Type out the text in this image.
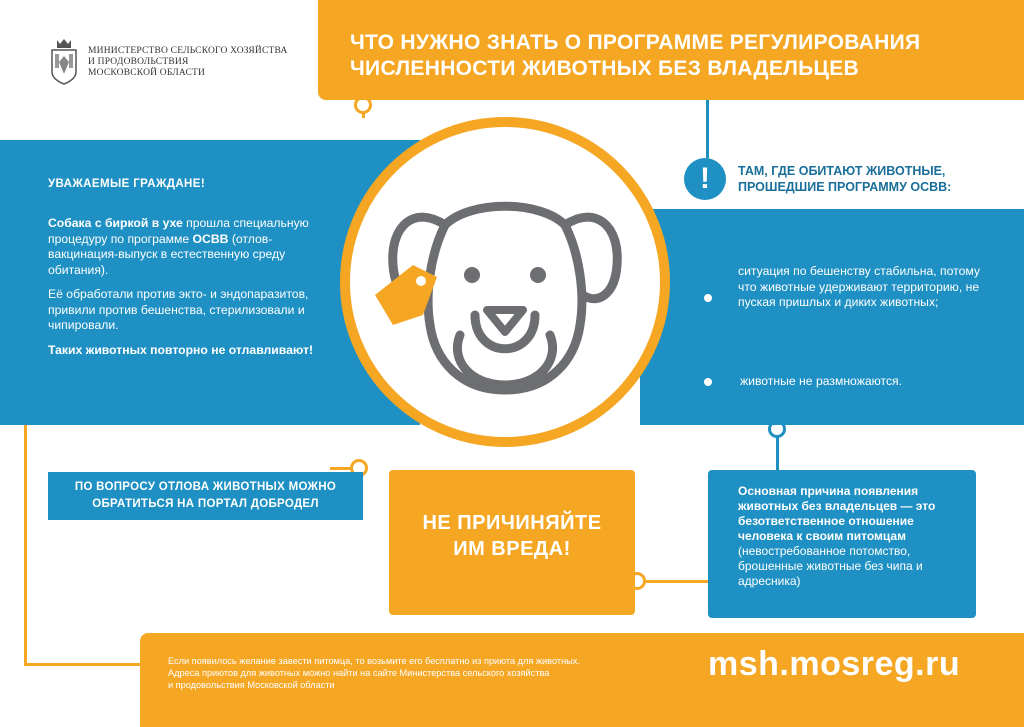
МИНИСТЕРСТВО СЕЛЬСКОГО ХОЗЯЙСТВА
И ПРОДОВОЛЬСТВИЯ
МОСКОВСКОЙ ОБЛАСТИ
ЧТО НУЖНО ЗНАТЬ О ПРОГРАММЕ РЕГУЛИРОВАНИЯ
ЧИСЛЕННОСТИ ЖИВОТНЫХ БЕЗ ВЛАДЕЛЬЦЕВ
УВАЖАЕМЫЕ ГРАЖДАНЕ!

Собака с биркой в ухе прошла специальную процедуру по программе ОСВВ (отлов-вакцинация-выпуск в естественную среду обитания).

Её обработали против экто- и эндопаразитов, привили против бешенства, стерилизовали и чипировали.

Таких животных повторно не отлавливают!

!	ТАМ, ГДЕ ОБИТАЮТ ЖИВОТНЫЕ,
ПРОШЕДШИЕ ПРОГРАММУ ОСВВ:
ситуация по бешенству стабильна, потому что животные удерживают территорию, не пуская пришлых и диких животных;
животные не размножаются.
ПО ВОПРОСУ ОТЛОВА ЖИВОТНЫХ МОЖНО
ОБРАТИТЬСЯ НА ПОРТАЛ ДОБРОДЕЛ
НЕ ПРИЧИНЯЙТЕ
ИМ ВРЕДА!
Основная причина появления животных без владельцев — это безответственное отношение человека к своим питомцам (невостребованное потомство, брошенные животные без чипа и адресника)
Если появилось желание завести питомца, то возьмите его бесплатно из приюта для животных.
Адреса приютов для животных можно найти на сайте Министерства сельского хозяйства
и продовольствия Московской области
msh.mosreg.ru
